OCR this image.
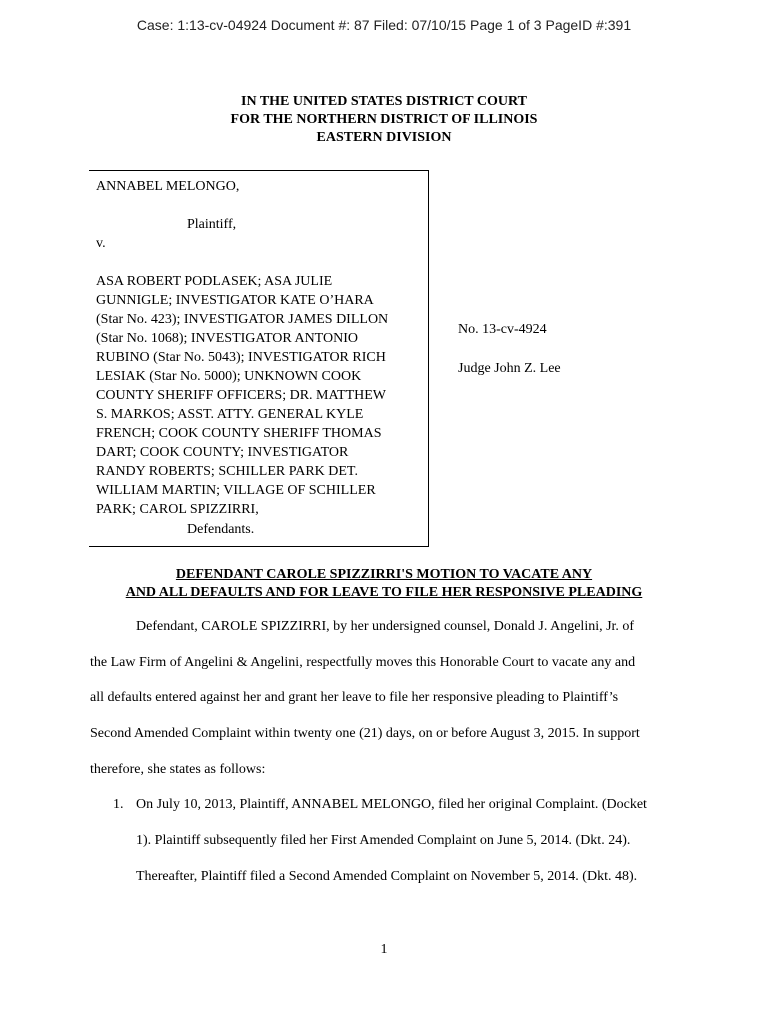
Case: 1:13-cv-04924 Document #: 87 Filed: 07/10/15 Page 1 of 3 PageID #:391
IN THE UNITED STATES DISTRICT COURT
FOR THE NORTHERN DISTRICT OF ILLINOIS
EASTERN DIVISION
ANNABEL MELONGO,
Plaintiff,
v.
ASA ROBERT PODLASEK; ASA JULIE
GUNNIGLE; INVESTIGATOR KATE O’HARA
(Star No. 423); INVESTIGATOR JAMES DILLON
(Star No. 1068); INVESTIGATOR ANTONIO
RUBINO (Star No. 5043); INVESTIGATOR RICH
LESIAK (Star No. 5000); UNKNOWN COOK
COUNTY SHERIFF OFFICERS; DR. MATTHEW
S. MARKOS; ASST. ATTY. GENERAL KYLE
FRENCH; COOK COUNTY SHERIFF THOMAS
DART; COOK COUNTY; INVESTIGATOR
RANDY ROBERTS; SCHILLER PARK DET.
WILLIAM MARTIN; VILLAGE OF SCHILLER
PARK; CAROL SPIZZIRRI,
Defendants.
No. 13-cv-4924
Judge John Z. Lee
DEFENDANT CAROLE SPIZZIRRI'S MOTION TO VACATE ANY
AND ALL DEFAULTS AND FOR LEAVE TO FILE HER RESPONSIVE PLEADING
Defendant, CAROLE SPIZZIRRI, by her undersigned counsel, Donald J. Angelini, Jr. of
the Law Firm of Angelini & Angelini, respectfully moves this Honorable Court to vacate any and
all defaults entered against her and grant her leave to file her responsive pleading to Plaintiff’s
Second Amended Complaint within twenty one (21) days, on or before August 3, 2015. In support
therefore, she states as follows:
1. On July 10, 2013, Plaintiff, ANNABEL MELONGO, filed her original Complaint. (Docket
1). Plaintiff subsequently filed her First Amended Complaint on June 5, 2014. (Dkt. 24).
Thereafter, Plaintiff filed a Second Amended Complaint on November 5, 2014. (Dkt. 48).
1
